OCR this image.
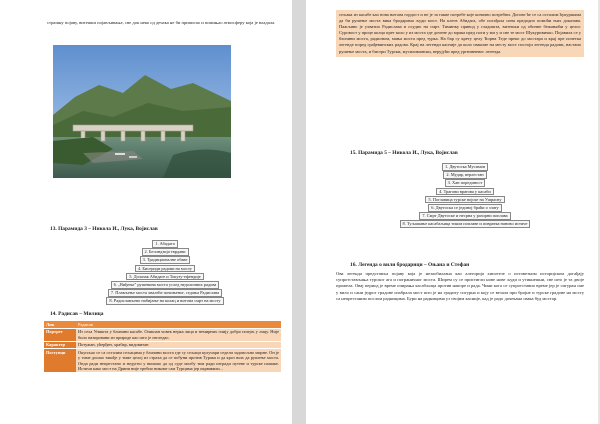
страшну појаву, витешки појављивање, све док неко од дечака не би приписао и помињао атмосферу која је владала.

13. Парамида 3 – Никола И., Лука, Војислав
1. Абадага
2. Бесиндзија тврдави
3. Традиционалне обаве
4. Бисериди радови на мосту
5. Долазак Абидаге и Токузу-ефендије
6. „Виђење" рушевина моста услед недоличних радова
7. Плављење моста хвалеће почињеног, седања Радислава
8. Радислављево набијање на колац и његова смрт на мосту
14. Радисав – Милица
Лик	Радисав
Портрет	Из села Уништа у близини касабе. Опишан човек нерка лица и немирних очију добро попуњ у лицу. Није било назировани из природе као што је изгледао.
Карактер	Потужан, ућерђен, храбар, видовитан
Поступци	Окупљао се са осталим сељацима у близини моста где су сељаци кулучари седели задовољно мирне. Он је у тиме дошао такође у тиме целој из страха да се побуни против Турака и да кроз њих да рушење моста. Онда ради непрестано и недугно у вишоко да од суде молбу тим ради изгради путеве и турске пашаке. Истичи како мост на Дрини није требио никоме сам Турцима јер окрвавили...

сељака из касабе као нова његова гордост и не је за такве потребе које коначно потребни. Догове ће се са осталим ћукуршама да би рушење моста вика бродарима људи мост. На клегв Абидага, обе погађала сина предодно помоћи њих доказава. Пажљиво је ухватио Радислава и осудио на смрт. Тиминку привод у гладишта, витешки од обичне бежањићи у целог. Суровост у проце колца прет коло у из моста где дочене до мрака пред поги у ми у и све те мост Шукуривичко. Појавила се у близини моста, радионом, мања моста пред турка. На бар су крету целу Ћорна Теде преко до мостара и крај пре почетка легенде поред грађевинских радова. Крај на легенди касније да коло свакоме на месту мост постоји легенда радови, настаио рушење моста, и бистри Турски, мусилимански, верујући пред ургнивчевог легенда.

15. Парамида 5 – Никола И., Лука, Војислав
1. Двутоска Мусимов
2. Мудар, верлестан
3. Хан порединост
4. Трагови вратова у касаби
5. Поглавица турске војске на Ушрасну
6. Двутоска се јединој браћи о злату
7. Смрт Двутоске и несрна у разорни поплава
8. Туљашање касабаљица током поплаве и повратка наново истиче
16. Легенда о вили бродарици – Оњана и Стефан

Ова легенда представља појаву која је незаобилазна као алегорија хипотезе о истоветном историјском догађају супротстављања турског ага и пограничног моста. Ширем су се пристигли нове нове људи и утикнешни, све што је та двоје прожела. Овај период је време опирања касабљица против напоре и рада. Чини кога се супротставио време јер је сигуран оне у вило и сани једрог градове изабрала мост што је на градиту сигурна и коју се везала при бројне и турске градове на мосту са непрестаним послом радницима. Бури на радницима уз својим касније, кад је радо дочекана свака буд мостар.
